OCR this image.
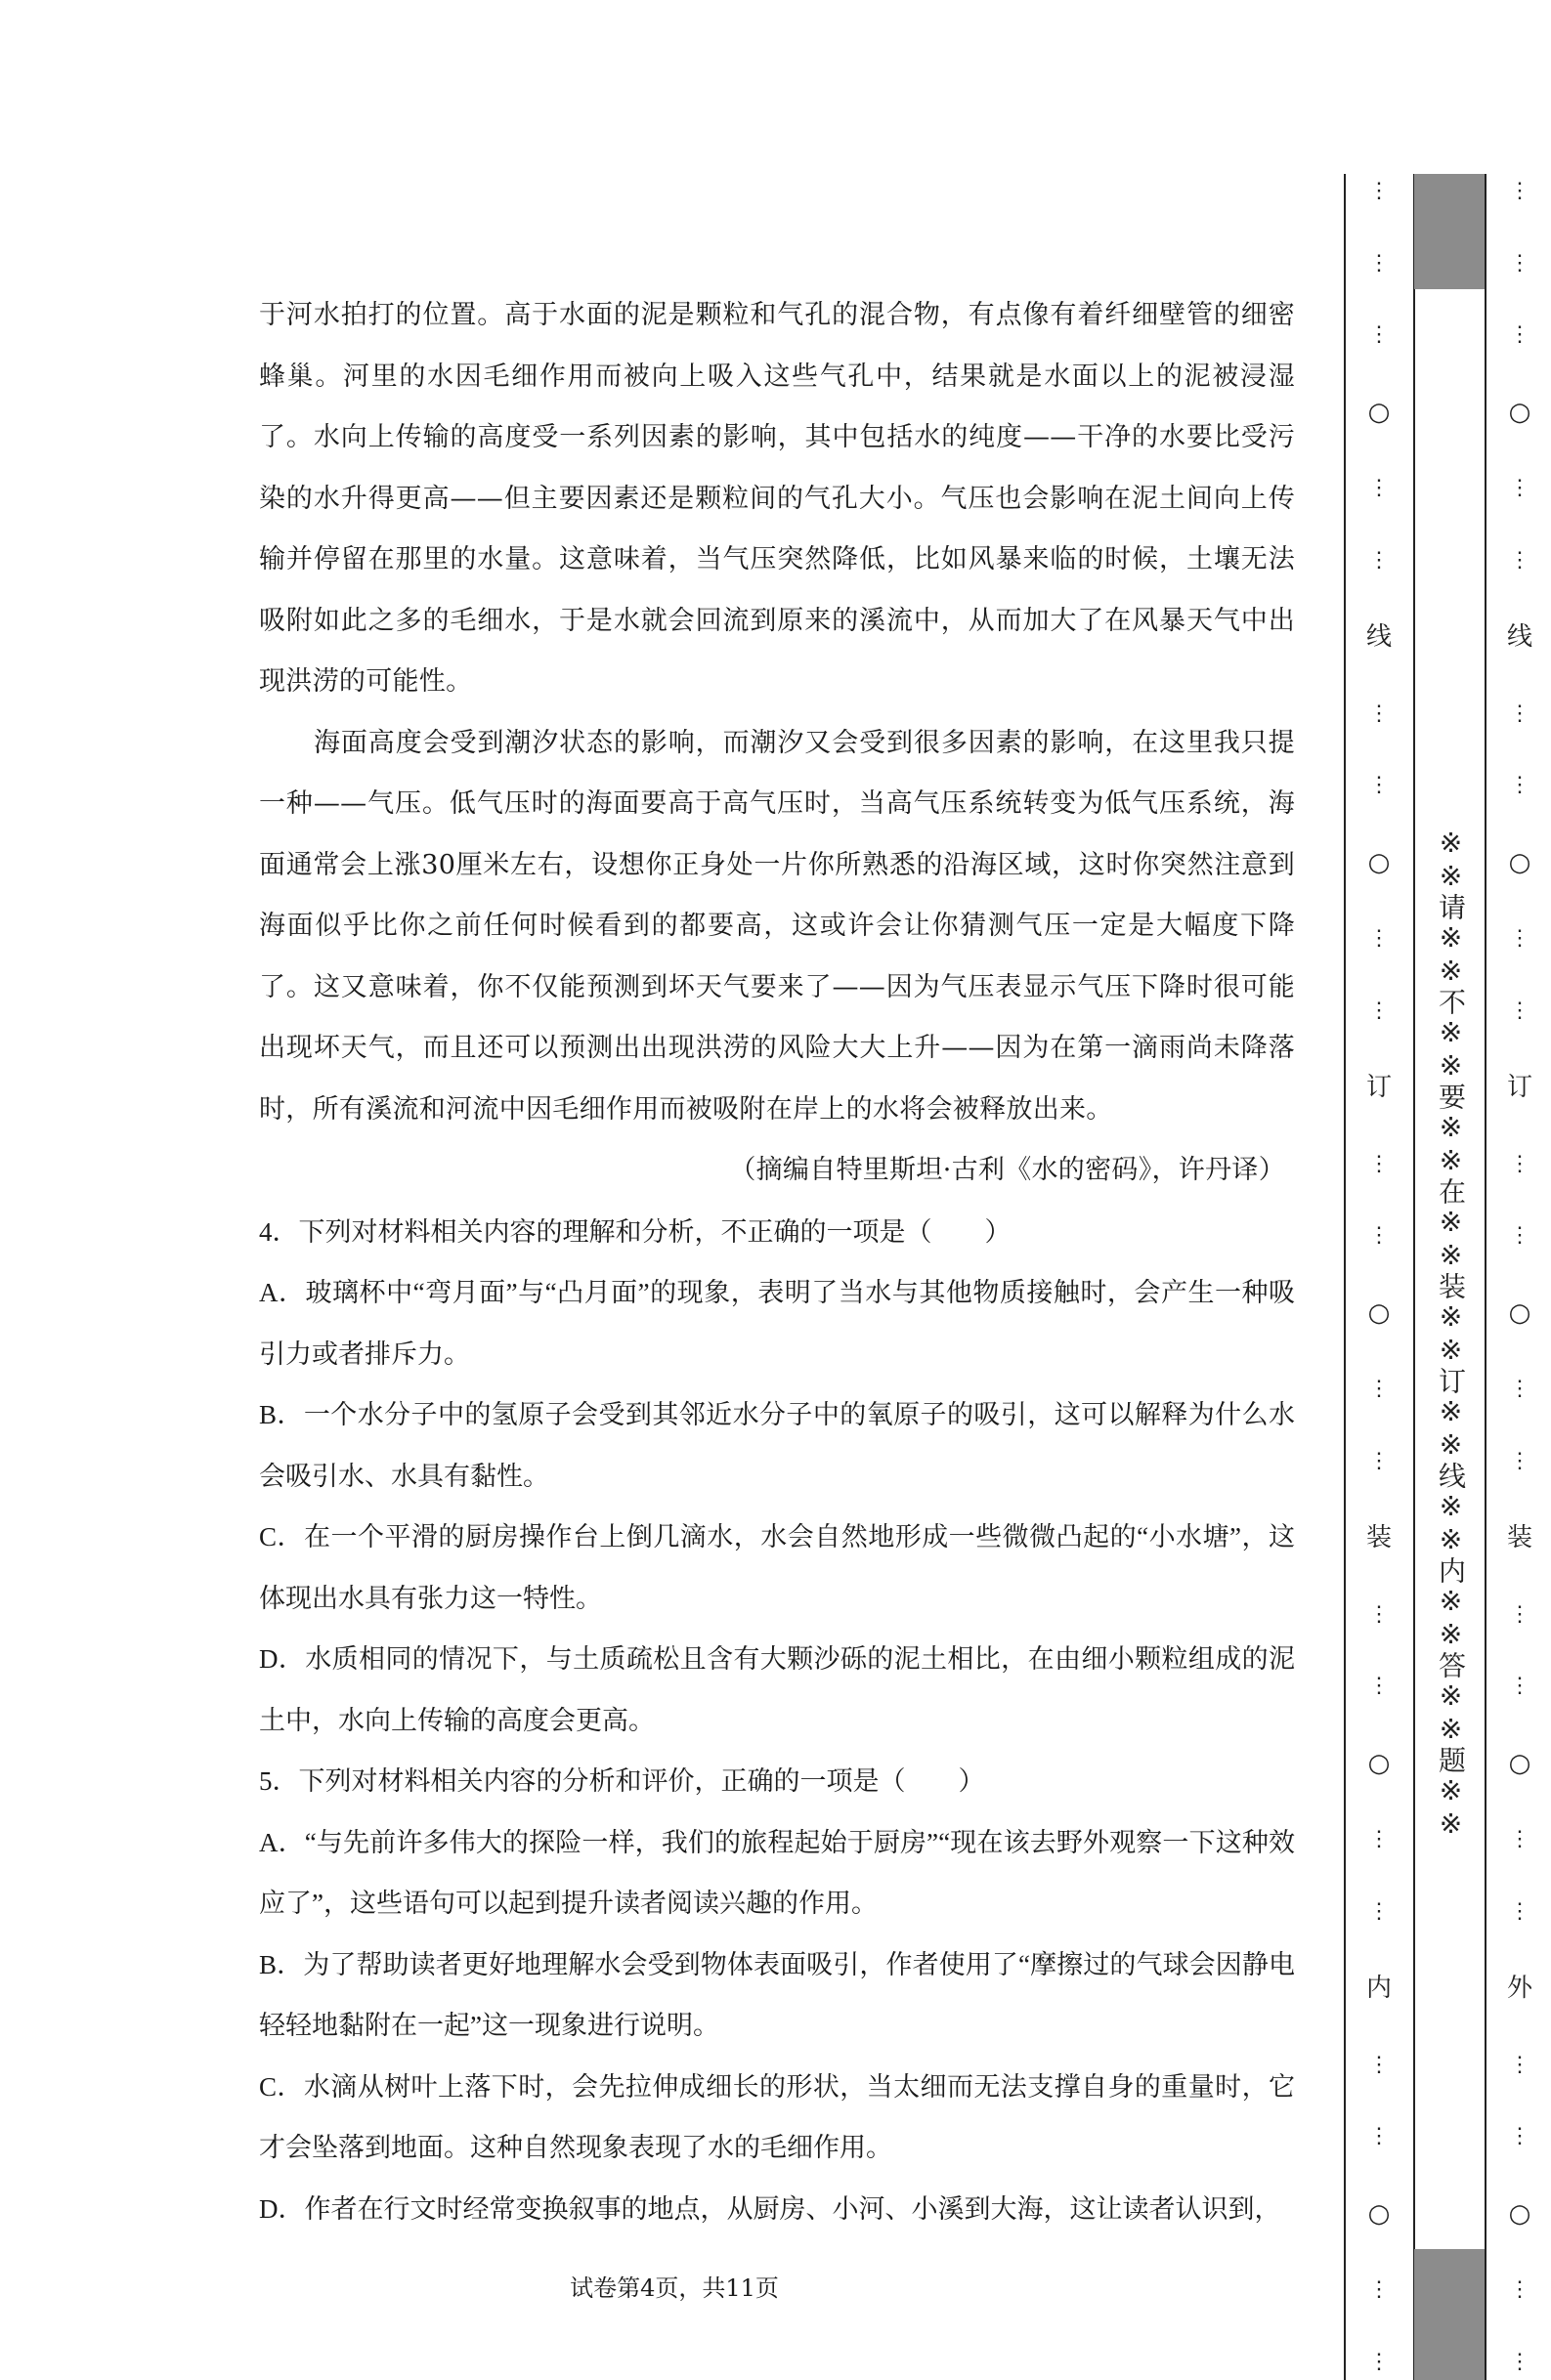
于河水拍打的位置。高于水面的泥是颗粒和气孔的混合物，有点像有着纤细壁管的细密蜂巢。河里的水因毛细作用而被向上吸入这些气孔中，结果就是水面以上的泥被浸湿了。水向上传输的高度受一系列因素的影响，其中包括水的纯度——干净的水要比受污染的水升得更高——但主要因素还是颗粒间的气孔大小。气压也会影响在泥土间向上传输并停留在那里的水量。这意味着，当气压突然降低，比如风暴来临的时候，土壤无法吸附如此之多的毛细水，于是水就会回流到原来的溪流中，从而加大了在风暴天气中出现洪涝的可能性。

海面高度会受到潮汐状态的影响，而潮汐又会受到很多因素的影响，在这里我只提一种——气压。低气压时的海面要高于高气压时，当高气压系统转变为低气压系统，海面通常会上涨30厘米左右，设想你正身处一片你所熟悉的沿海区域，这时你突然注意到海面似乎比你之前任何时候看到的都要高，这或许会让你猜测气压一定是大幅度下降了。这又意味着，你不仅能预测到坏天气要来了——因为气压表显示气压下降时很可能出现坏天气，而且还可以预测出出现洪涝的风险大大上升——因为在第一滴雨尚未降落时，所有溪流和河流中因毛细作用而被吸附在岸上的水将会被释放出来。

（摘编自特里斯坦·古利《水的密码》，许丹译）

4．下列对材料相关内容的理解和分析，不正确的一项是（　　）

A．玻璃杯中“弯月面”与“凸月面”的现象，表明了当水与其他物质接触时，会产生一种吸引力或者排斥力。

B．一个水分子中的氢原子会受到其邻近水分子中的氧原子的吸引，这可以解释为什么水会吸引水、水具有黏性。

C．在一个平滑的厨房操作台上倒几滴水，水会自然地形成一些微微凸起的“小水塘”，这体现出水具有张力这一特性。

D．水质相同的情况下，与土质疏松且含有大颗沙砾的泥土相比，在由细小颗粒组成的泥土中，水向上传输的高度会更高。

5．下列对材料相关内容的分析和评价，正确的一项是（　　）

A．“与先前许多伟大的探险一样，我们的旅程起始于厨房”“现在该去野外观察一下这种效应了”，这些语句可以起到提升读者阅读兴趣的作用。

B．为了帮助读者更好地理解水会受到物体表面吸引，作者使用了“摩擦过的气球会因静电轻轻地黏附在一起”这一现象进行说明。

C．水滴从树叶上落下时，会先拉伸成细长的形状，当太细而无法支撑自身的重量时，它才会坠落到地面。这种自然现象表现了水的毛细作用。

D．作者在行文时经常变换叙事的地点，从厨房、小河、小溪到大海，这让读者认识到，

试卷第4页，共11页
⋮
⋮
⋮
○
⋮
⋮
线
⋮
⋮
○
⋮
⋮
订
⋮
⋮
○
⋮
⋮
装
⋮
⋮
○
⋮
⋮
内
⋮
⋮
○
⋮
⋮
※※请※※不※※要※※在※※装※※订※※线※※内※※答※※题※※
⋮
⋮
⋮
○
⋮
⋮
线
⋮
⋮
○
⋮
⋮
订
⋮
⋮
○
⋮
⋮
装
⋮
⋮
○
⋮
⋮
外
⋮
⋮
○
⋮
⋮
